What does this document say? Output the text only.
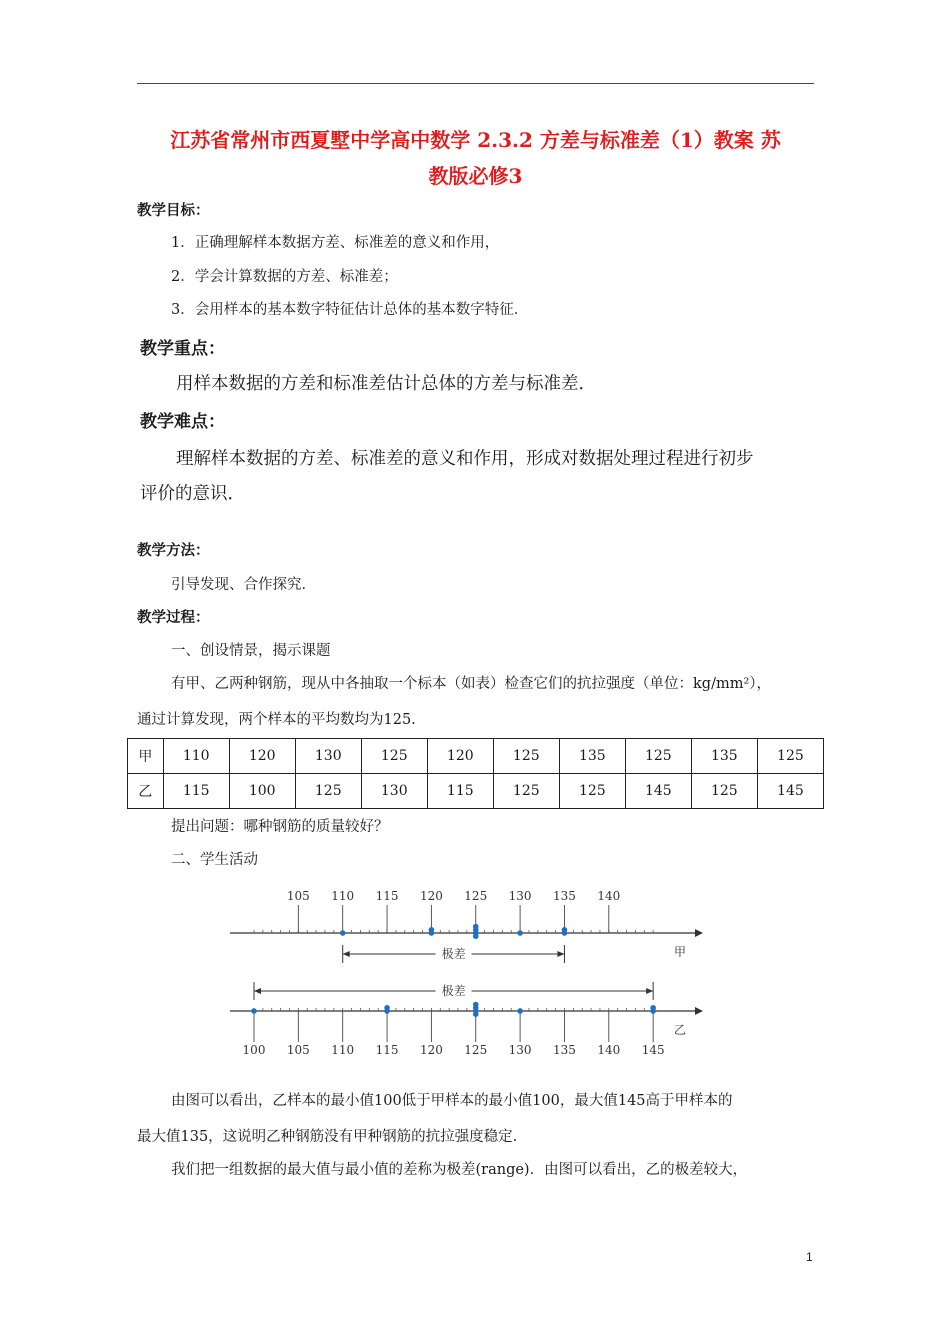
江苏省常州市西夏墅中学高中数学 2.3.2 方差与标准差（1）教案 苏
教版必修3
教学目标：
1．正确理解样本数据方差、标准差的意义和作用，
2．学会计算数据的方差、标准差；
3．会用样本的基本数字特征估计总体的基本数字特征．
教学重点：
用样本数据的方差和标准差估计总体的方差与标准差．
教学难点：
理解样本数据的方差、标准差的意义和作用，形成对数据处理过程进行初步
评价的意识．
教学方法：
引导发现、合作探究．
教学过程：
一、创设情景，揭示课题
有甲、乙两种钢筋，现从中各抽取一个标本（如表）检查它们的抗拉强度（单位：kg/mm²），
通过计算发现，两个样本的平均数均为125.
甲	110	120	130	125	120	125	135	125	135	125
乙	115	100	125	130	115	125	125	145	125	145
提出问题：哪种钢筋的质量较好？
二、学生活动
105 110 115 120 125 130 135 140
极差	甲
100 105 110 115 120 125 130 135 140 145
极差
乙
由图可以看出，乙样本的最小值100低于甲样本的最小值100，最大值145高于甲样本的
最大值135，这说明乙种钢筋没有甲种钢筋的抗拉强度稳定.
我们把一组数据的最大值与最小值的差称为极差(range)．由图可以看出，乙的极差较大，
1
